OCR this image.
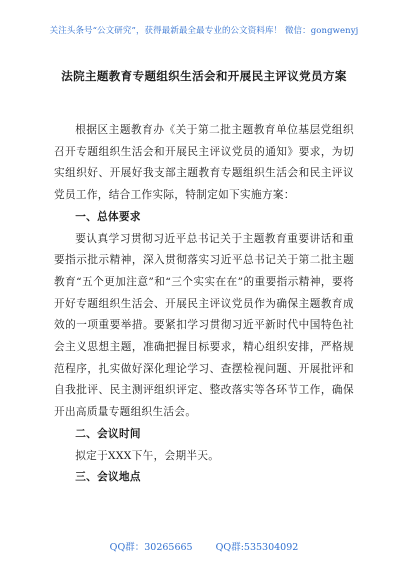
关注头条号“公文研究”，获得最新最全最专业的公文资料库！ 微信：gongwenyj
法院主题教育专题组织生活会和开展民主评议党员方案

根据区主题教育办《关于第二批主题教育单位基层党组织召开专题组织生活会和开展民主评议党员的通知》要求，为切实组织好、开展好我支部主题教育专题组织生活会和民主评议党员工作，结合工作实际，特制定如下实施方案：

一、总体要求

要认真学习贯彻习近平总书记关于主题教育重要讲话和重要指示批示精神，深入贯彻落实习近平总书记关于第二批主题教育“五个更加注意”和“三个实实在在”的重要指示精神，要将开好专题组织生活会、开展民主评议党员作为确保主题教育成效的一项重要举措。要紧扣学习贯彻习近平新时代中国特色社会主义思想主题，准确把握目标要求，精心组织安排，严格规范程序，扎实做好深化理论学习、查摆检视问题、开展批评和自我批评、民主测评组织评定、整改落实等各环节工作，确保开出高质量专题组织生活会。

二、会议时间

拟定于XXX下午，会期半天。

三、会议地点

QQ群：30265665 QQ群:535304092
